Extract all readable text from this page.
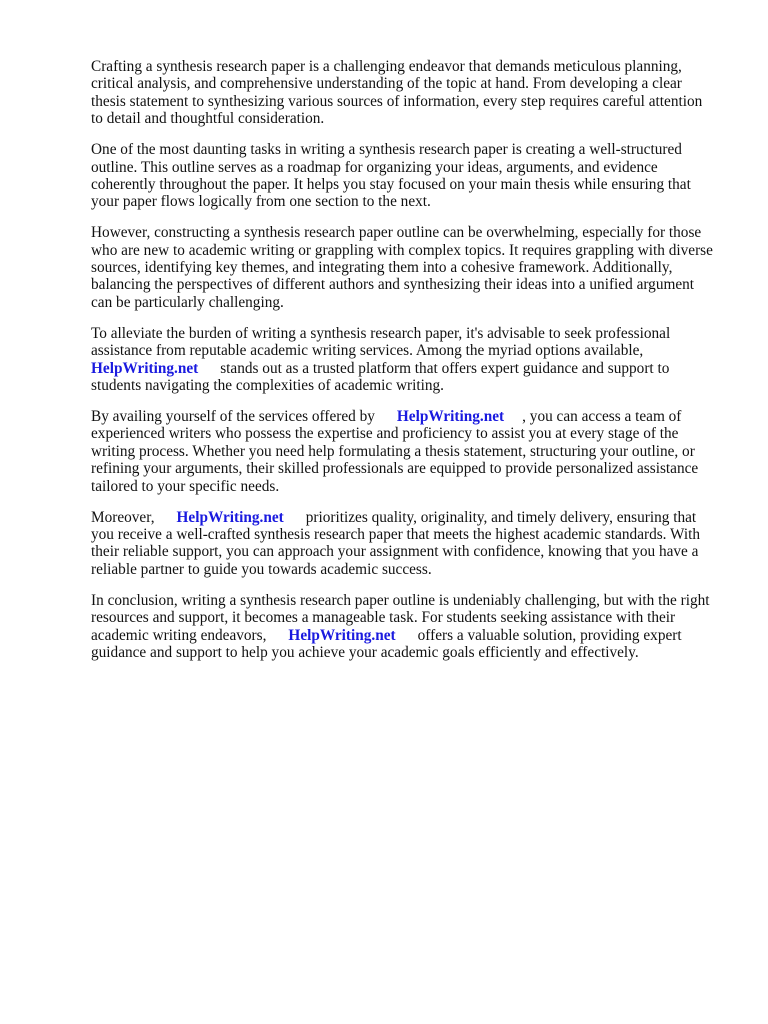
Crafting a synthesis research paper is a challenging endeavor that demands meticulous planning,
critical analysis, and comprehensive understanding of the topic at hand. From developing a clear
thesis statement to synthesizing various sources of information, every step requires careful attention
to detail and thoughtful consideration.

One of the most daunting tasks in writing a synthesis research paper is creating a well-structured
outline. This outline serves as a roadmap for organizing your ideas, arguments, and evidence
coherently throughout the paper. It helps you stay focused on your main thesis while ensuring that
your paper flows logically from one section to the next.

However, constructing a synthesis research paper outline can be overwhelming, especially for those
who are new to academic writing or grappling with complex topics. It requires grappling with diverse
sources, identifying key themes, and integrating them into a cohesive framework. Additionally,
balancing the perspectives of different authors and synthesizing their ideas into a unified argument
can be particularly challenging.

To alleviate the burden of writing a synthesis research paper, it's advisable to seek professional
assistance from reputable academic writing services. Among the myriad options available,
HelpWriting.net stands out as a trusted platform that offers expert guidance and support to
students navigating the complexities of academic writing.

By availing yourself of the services offered by HelpWriting.net , you can access a team of
experienced writers who possess the expertise and proficiency to assist you at every stage of the
writing process. Whether you need help formulating a thesis statement, structuring your outline, or
refining your arguments, their skilled professionals are equipped to provide personalized assistance
tailored to your specific needs.

Moreover, HelpWriting.net prioritizes quality, originality, and timely delivery, ensuring that
you receive a well-crafted synthesis research paper that meets the highest academic standards. With
their reliable support, you can approach your assignment with confidence, knowing that you have a
reliable partner to guide you towards academic success.

In conclusion, writing a synthesis research paper outline is undeniably challenging, but with the right
resources and support, it becomes a manageable task. For students seeking assistance with their
academic writing endeavors, HelpWriting.net offers a valuable solution, providing expert
guidance and support to help you achieve your academic goals efficiently and effectively.
